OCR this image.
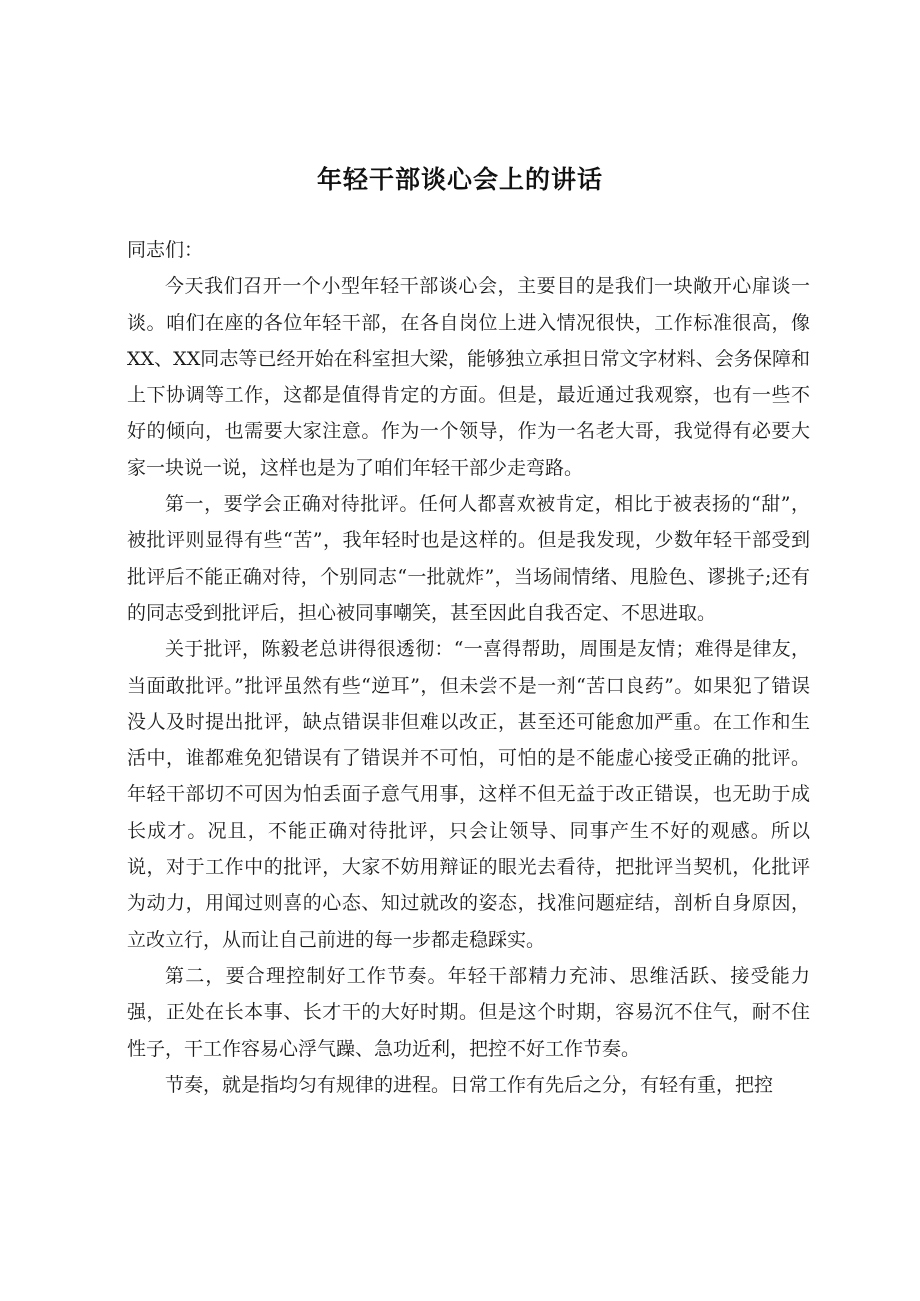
年轻干部谈心会上的讲话

同志们：

今天我们召开一个小型年轻干部谈心会，主要目的是我们一块敞开心扉谈一谈。咱们在座的各位年轻干部，在各自岗位上进入情况很快，工作标准很高，像XX、XX同志等已经开始在科室担大梁，能够独立承担日常文字材料、会务保障和上下协调等工作，这都是值得肯定的方面。但是，最近通过我观察，也有一些不好的倾向，也需要大家注意。作为一个领导，作为一名老大哥，我觉得有必要大家一块说一说，这样也是为了咱们年轻干部少走弯路。

第一，要学会正确对待批评。任何人都喜欢被肯定，相比于被表扬的“甜”，被批评则显得有些“苦”，我年轻时也是这样的。但是我发现，少数年轻干部受到批评后不能正确对待，个别同志“一批就炸”，当场闹情绪、甩脸色、谬挑子;还有的同志受到批评后，担心被同事嘲笑，甚至因此自我否定、不思进取。

关于批评，陈毅老总讲得很透彻：“一喜得帮助，周围是友情；难得是律友，当面敢批评。”批评虽然有些“逆耳”，但未尝不是一剂“苦口良药”。如果犯了错误没人及时提出批评，缺点错误非但难以改正，甚至还可能愈加严重。在工作和生活中，谁都难免犯错误有了错误并不可怕，可怕的是不能虚心接受正确的批评。年轻干部切不可因为怕丢面子意气用事，这样不但无益于改正错误，也无助于成长成才。况且，不能正确对待批评，只会让领导、同事产生不好的观感。所以说，对于工作中的批评，大家不妨用辩证的眼光去看待，把批评当契机，化批评为动力，用闻过则喜的心态、知过就改的姿态，找准问题症结，剖析自身原因，立改立行，从而让自己前进的每一步都走稳踩实。

第二，要合理控制好工作节奏。年轻干部精力充沛、思维活跃、接受能力强，正处在长本事、长才干的大好时期。但是这个时期，容易沉不住气，耐不住性子，干工作容易心浮气躁、急功近利，把控不好工作节奏。

节奏，就是指均匀有规律的进程。日常工作有先后之分，有轻有重，把控
